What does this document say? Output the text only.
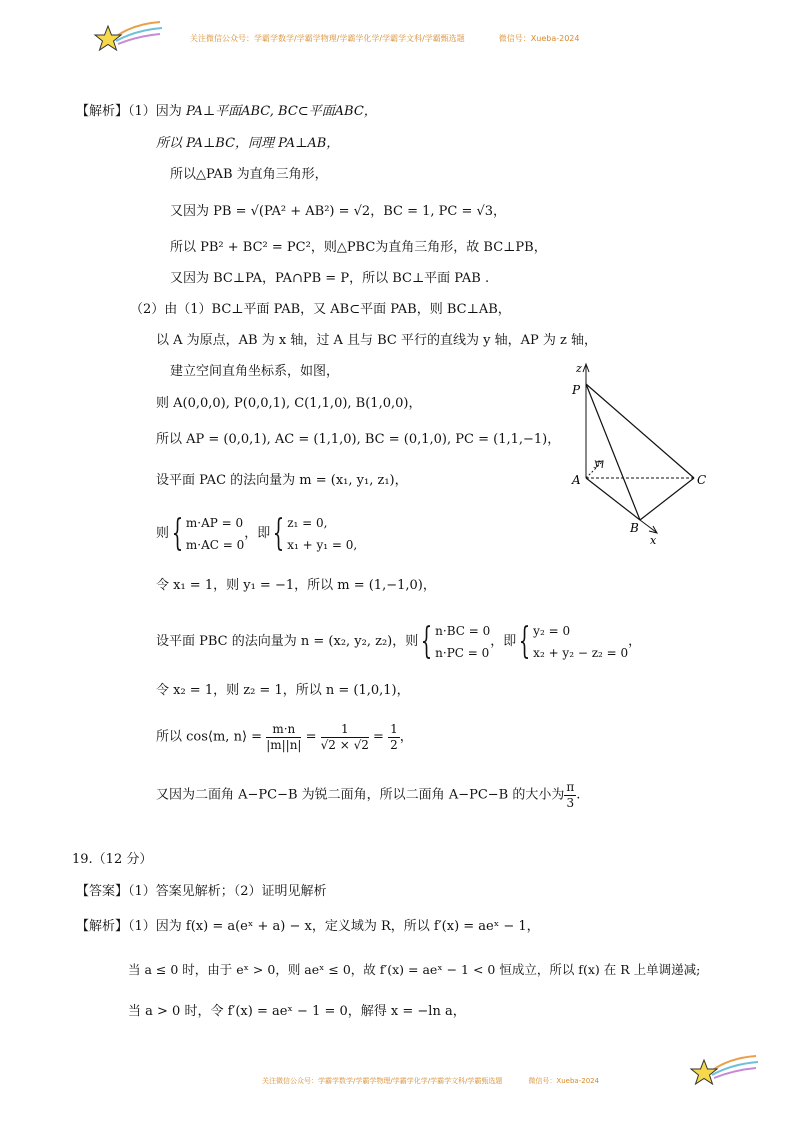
关注微信公众号：学霸学数学/学霸学物理/学霸学化学/学霸学文科/学霸甄选题	微信号：Xueba-2024
【解析】（1）因为 PA⊥平面ABC, BC⊂平面ABC，
所以 PA⊥BC，同理 PA⊥AB，
所以△PAB 为直角三角形，
又因为 PB = √(PA² + AB²) = √2，BC = 1, PC = √3，
所以 PB² + BC² = PC²，则△PBC为直角三角形，故 BC⊥PB，
又因为 BC⊥PA，PA∩PB = P，所以 BC⊥平面 PAB .
（2）由（1）BC⊥平面 PAB，又 AB⊂平面 PAB，则 BC⊥AB，
以 A 为原点，AB 为 x 轴，过 A 且与 BC 平行的直线为 y 轴，AP 为 z 轴，
建立空间直角坐标系，如图，
则 A(0,0,0), P(0,0,1), C(1,1,0), B(1,0,0)，
所以 AP = (0,0,1), AC = (1,1,0), BC = (0,1,0), PC = (1,1,−1)，
设平面 PAC 的法向量为 m = (x₁, y₁, z₁)，
则{ m·AP = 0
m·AC = 0
，即{ z₁ = 0,
x₁ + y₁ = 0,
令 x₁ = 1，则 y₁ = −1，所以 m = (1,−1,0)，
设平面 PBC 的法向量为 n = (x₂, y₂, z₂)，则{ n·BC = 0
n·PC = 0
，即{ y₂ = 0
x₂ + y₂ − z₂ = 0
，
令 x₂ = 1，则 z₂ = 1，所以 n = (1,0,1)，
所以 cos⟨m, n⟩ = $\frac{m\cdot n}{|m||n|} = \frac{1}{√2 \times √2} = \frac{1}{2}$ ，
又因为二面角 A−PC−B 为锐二面角，所以二面角 A−PC−B 的大小为 $\frac{\pi}{3}$ .
z
P
y
A	C
B
x
19.（12 分）
【答案】（1）答案见解析；（2）证明见解析
【解析】（1）因为 f(x) = a(eˣ + a) − x，定义域为 R，所以 f′(x) = aeˣ − 1，
当 a ≤ 0 时，由于 eˣ > 0，则 aeˣ ≤ 0，故 f′(x) = aeˣ − 1 < 0 恒成立，所以 f(x) 在 R 上单调递减;
当 a > 0 时，令 f′(x) = aeˣ − 1 = 0，解得 x = −ln a，
关注微信公众号：学霸学数学/学霸学物理/学霸学化学/学霸学文科/学霸甄选题	微信号：Xueba-2024
